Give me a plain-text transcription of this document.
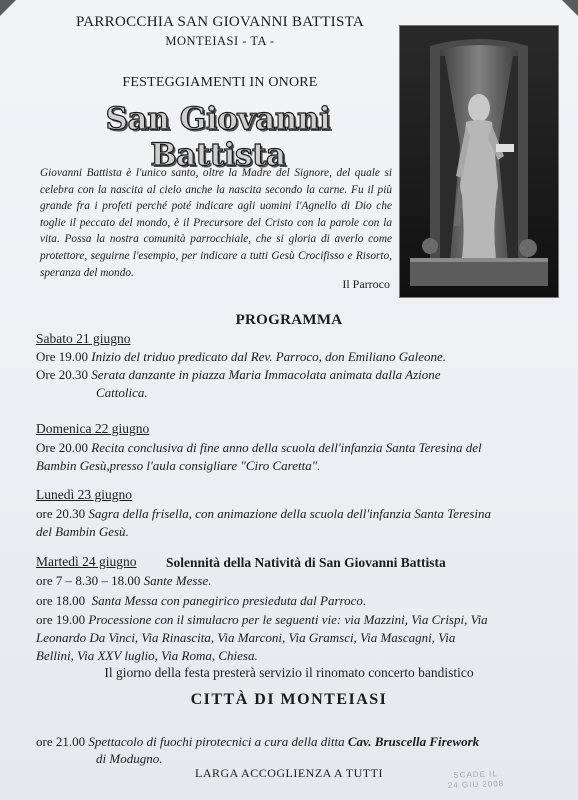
PARROCCHIA SAN GIOVANNI BATTISTA
MONTEIASI - TA -
FESTEGGIAMENTI IN ONORE
San Giovanni Battista
Giovanni Battista è l'unico santo, oltre la Madre del Signore, del quale si celebra con la nascita al cielo anche la nascita secondo la carne. Fu il più grande fra i profeti perché poté indicare agli uomini l'Agnello di Dio che toglie il peccato del mondo, è il Precursore del Cristo con la parole con la vita. Possa la nostra comunità parrocchiale, che si gloria di averlo come protettore, seguirne l'esempio, per indicare a tutti Gesù Crocifisso e Risorto, speranza del mondo.
Il Parroco
PROGRAMMA
Sabato 21 giugno
Ore 19.00 Inizio del triduo predicato dal Rev. Parroco, don Emiliano Galeone.
Ore 20.30 Serata danzante in piazza Maria Immacolata animata dalla Azione
Cattolica.
Domenica 22 giugno
Ore 20.00 Recita conclusiva di fine anno della scuola dell'infanzia Santa Teresina del
Bambin Gesù,presso l'aula consigliare "Ciro Caretta".
Lunedì 23 giugno
ore 20.30 Sagra della frisella, con animazione della scuola dell'infanzia Santa Teresina
del Bambin Gesù.
Martedì 24 giugno Solennità della Natività di San Giovanni Battista
ore 7 – 8.30 – 18.00 Sante Messe.
ore 18.00 Santa Messa con panegirico presieduta dal Parroco.
ore 19.00 Processione con il simulacro per le seguenti vie: via Mazzini, Via Crispi, Via
Leonardo Da Vinci, Via Rinascita, Via Marconi, Via Gramsci, Via Mascagni, Via
Bellini, Via XXV luglio, Via Roma, Chiesa.
Il giorno della festa presterà servizio il rinomato concerto bandistico
CITTÀ DI MONTEIASI
ore 21.00 Spettacolo di fuochi pirotecnici a cura della ditta Cav. Bruscella Firework
di Modugno.
LARGA ACCOGLIENZA A TUTTI	SCADE IL
24 GIU 2008
